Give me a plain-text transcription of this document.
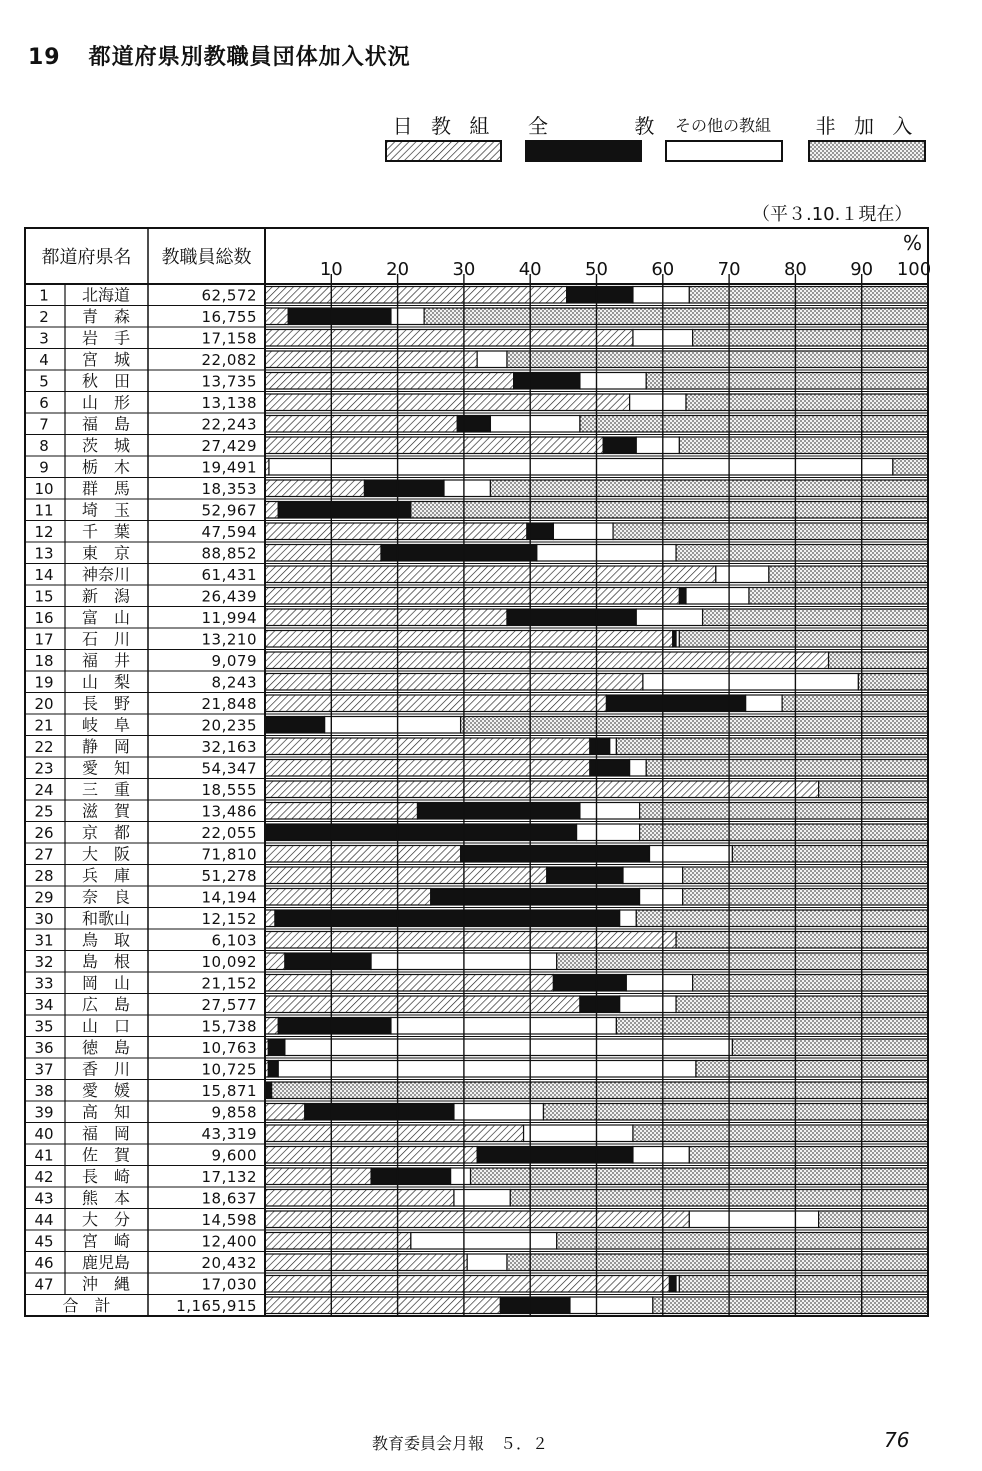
19 都道府県別教職員団体加入状況
日 教 組 全 教
その他の教組	非 加 入
（平３.10.１現在）
都道府県名 教職員総数
%
10 20 30 40 50 60 70 80 90 100
1 北海道	62,572
2 青　森	16,755
3 岩　手	17,158
4 宮　城	22,082
5 秋　田	13,735
6 山　形	13,138
7 福　島	22,243
8 茨　城	27,429
9 栃　木	19,491
10 群　馬	18,353
11 埼　玉	52,967
12 千　葉	47,594
13 東　京	88,852
14 神奈川	61,431
15 新　潟	26,439
16 富　山	11,994
17 石　川	13,210
18 福　井	9,079
19 山　梨	8,243
20 長　野	21,848
21 岐　阜	20,235
22 静　岡	32,163
23 愛　知	54,347
24 三　重	18,555
25 滋　賀	13,486
26 京　都	22,055
27 大　阪	71,810
28 兵　庫	51,278
29 奈　良	14,194
30 和歌山	12,152
31 鳥　取	6,103
32 島　根	10,092
33 岡　山	21,152
34 広　島	27,577
35 山　口	15,738
36 徳　島	10,763
37 香　川	10,725
38 愛　媛	15,871
39 高　知	9,858
40 福　岡	43,319
41 佐　賀	9,600
42 長　崎	17,132
43 熊　本	18,637
44 大　分	14,598
45 宮　崎	12,400
46 鹿児島	20,432
47 沖　縄	17,030
合　計	1,165,915
教育委員会月報　５．２	76
